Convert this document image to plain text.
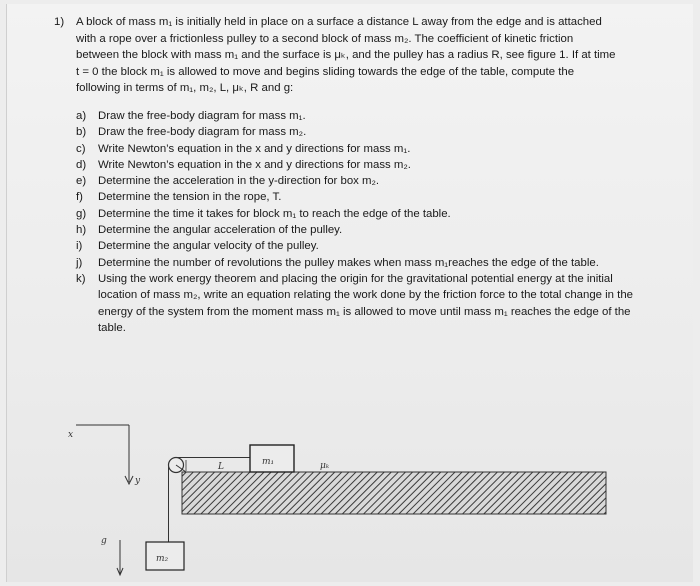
1) A block of mass m₁ is initially held in place on a surface a distance L away from the edge and is attached with a rope over a frictionless pulley to a second block of mass m₂. The coefficient of kinetic friction between the block with mass m₁ and the surface is μₖ, and the pulley has a radius R, see figure 1. If at time t = 0 the block m₁ is allowed to move and begins sliding towards the edge of the table, compute the following in terms of m₁, m₂, L, μₖ, R and g:

a) Draw the free-body diagram for mass m₁.
b) Draw the free-body diagram for mass m₂.
c) Write Newton’s equation in the x and y directions for mass m₁.
d) Write Newton’s equation in the x and y directions for mass m₂.
e) Determine the acceleration in the y-direction for box m₂.
f) Determine the tension in the rope, T.
g) Determine the time it takes for block m₁ to reach the edge of the table.
h) Determine the angular acceleration of the pulley.
i) Determine the angular velocity of the pulley.
j) Determine the number of revolutions the pulley makes when mass m₁reaches the edge of the table.
k) Using the work energy theorem and placing the origin for the gravitational potential energy at the initial location of mass m₂, write an equation relating the work done by the friction force to the total change in the energy of the system from the moment mass m₁ is allowed to move until mass m₁ reaches the edge of the table.
x
y
g
L	m₁	μₖ
m₂
